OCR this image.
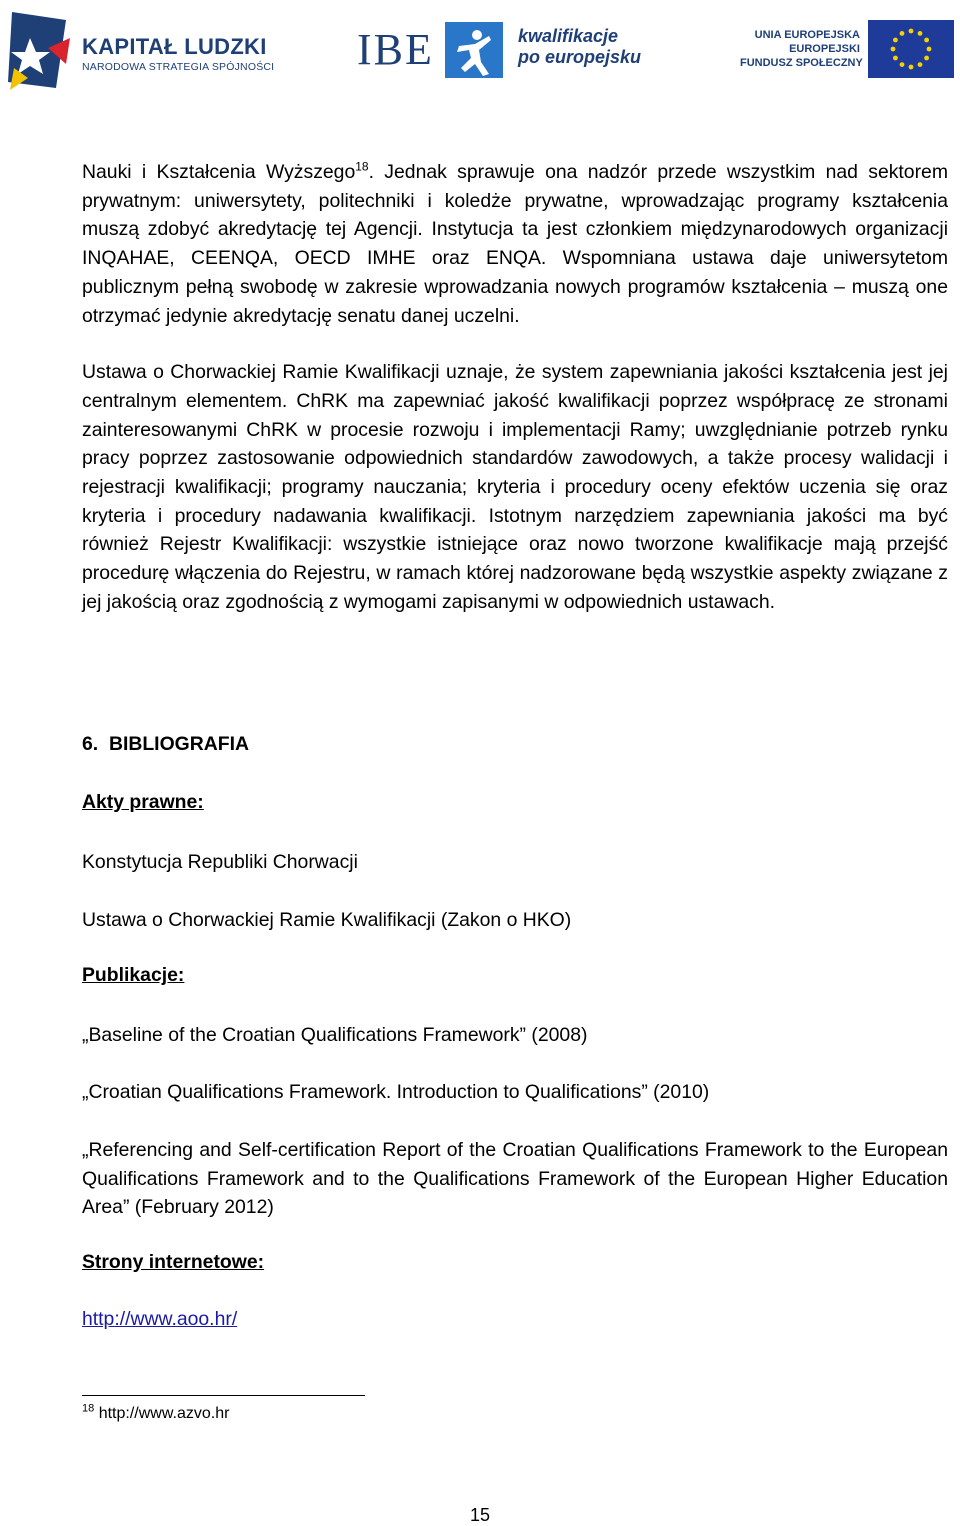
KAPITAŁ LUDZKI
NARODOWA STRATEGIA SPÓJNOŚCI IBE	kwalifikacje
po europejsku
UNIA EUROPEJSKA
EUROPEJSKI
FUNDUSZ SPOŁECZNY

Nauki i Kształcenia Wyższego$^{18}$. Jednak sprawuje ona nadzór przede wszystkim nad sektorem prywatnym: uniwersytety, politechniki i koledże prywatne, wprowadzając programy kształcenia muszą zdobyć akredytację tej Agencji. Instytucja ta jest członkiem międzynarodowych organizacji INQAHAE, CEENQA, OECD IMHE oraz ENQA. Wspomniana ustawa daje uniwersytetom publicznym pełną swobodę w zakresie wprowadzania nowych programów kształcenia – muszą one otrzymać jedynie akredytację senatu danej uczelni.

Ustawa o Chorwackiej Ramie Kwalifikacji uznaje, że system zapewniania jakości kształcenia jest jej centralnym elementem. ChRK ma zapewniać jakość kwalifikacji poprzez współpracę ze stronami zainteresowanymi ChRK w procesie rozwoju i implementacji Ramy; uwzględnianie potrzeb rynku pracy poprzez zastosowanie odpowiednich standardów zawodowych, a także procesy walidacji i rejestracji kwalifikacji; programy nauczania; kryteria i procedury oceny efektów uczenia się oraz kryteria i procedury nadawania kwalifikacji. Istotnym narzędziem zapewniania jakości ma być również Rejestr Kwalifikacji: wszystkie istniejące oraz nowo tworzone kwalifikacje mają przejść procedurę włączenia do Rejestru, w ramach której nadzorowane będą wszystkie aspekty związane z jej jakością oraz zgodnością z wymogami zapisanymi w odpowiednich ustawach.

6.  BIBLIOGRAFIA
Akty prawne:
Konstytucja Republiki Chorwacji
Ustawa o Chorwackiej Ramie Kwalifikacji (Zakon o HKO)
Publikacje:
„Baseline of the Croatian Qualifications Framework” (2008)
„Croatian Qualifications Framework. Introduction to Qualifications” (2010)
„Referencing and Self-certification Report of the Croatian Qualifications Framework to the European Qualifications Framework and to the Qualifications Framework of the European Higher Education Area” (February 2012)
Strony internetowe:
http://www.aoo.hr/
$^{18}$ http://www.azvo.hr
15
